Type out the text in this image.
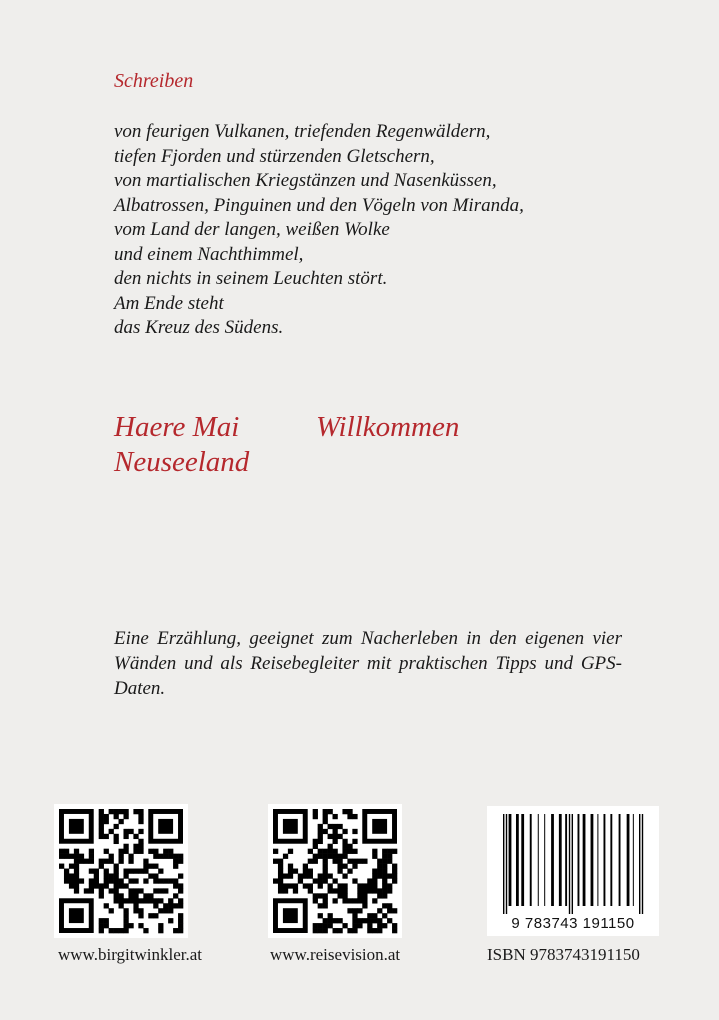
Schreiben
von feurigen Vulkanen, triefenden Regenwäldern,
tiefen Fjorden und stürzenden Gletschern,
von martialischen Kriegstänzen und Nasenküssen,
Albatrossen, Pinguinen und den Vögeln von Miranda,
vom Land der langen, weißen Wolke
und einem Nachthimmel,
den nichts in seinem Leuchten stört.
Am Ende steht
das Kreuz des Südens.
Haere Mai
Neuseeland
Willkommen
Eine Erzählung, geeignet zum Nacherleben in den eigenen vier Wänden und als Reisebegleiter mit praktischen Tipps und GPS-Daten.
9 783743 191150
www.birgitwinkler.at	www.reisevision.at	ISBN 9783743191150
